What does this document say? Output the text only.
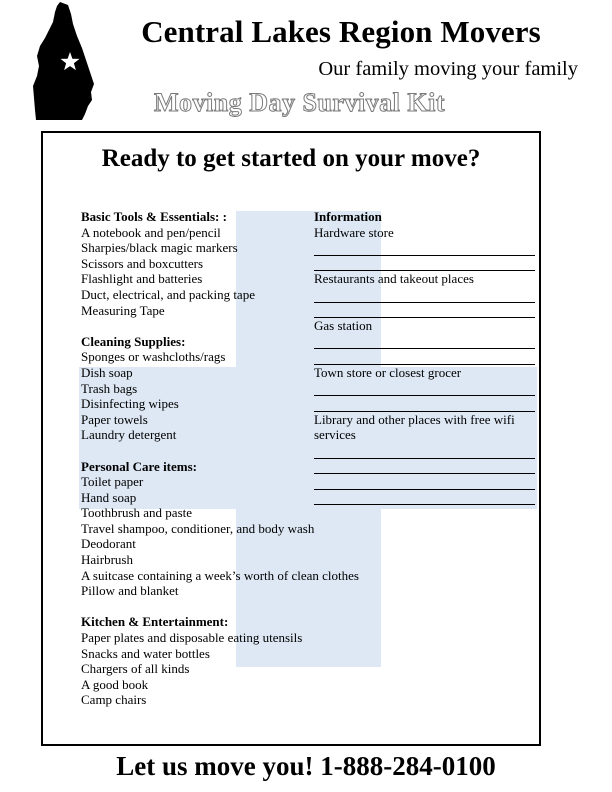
Central Lakes Region Movers
Our family moving your family
Moving Day Survival Kit
Ready to get started on your move?
Basic Tools & Essentials: :
A notebook and pen/pencil
Sharpies/black magic markers
Scissors and boxcutters
Flashlight and batteries
Duct, electrical, and packing tape
Measuring Tape
Cleaning Supplies:
Sponges or washcloths/rags
Dish soap
Trash bags
Disinfecting wipes
Paper towels
Laundry detergent
Personal Care items:
Toilet paper
Hand soap
Toothbrush and paste
Travel shampoo, conditioner, and body wash
Deodorant
Hairbrush
A suitcase containing a week’s worth of clean clothes
Pillow and blanket
Kitchen & Entertainment:
Paper plates and disposable eating utensils
Snacks and water bottles
Chargers of all kinds
A good book
Camp chairs
Information
Hardware store
Restaurants and takeout places
Gas station
Town store or closest grocer
Library and other places with free wifi
services
Let us move you! 1-888-284-0100
